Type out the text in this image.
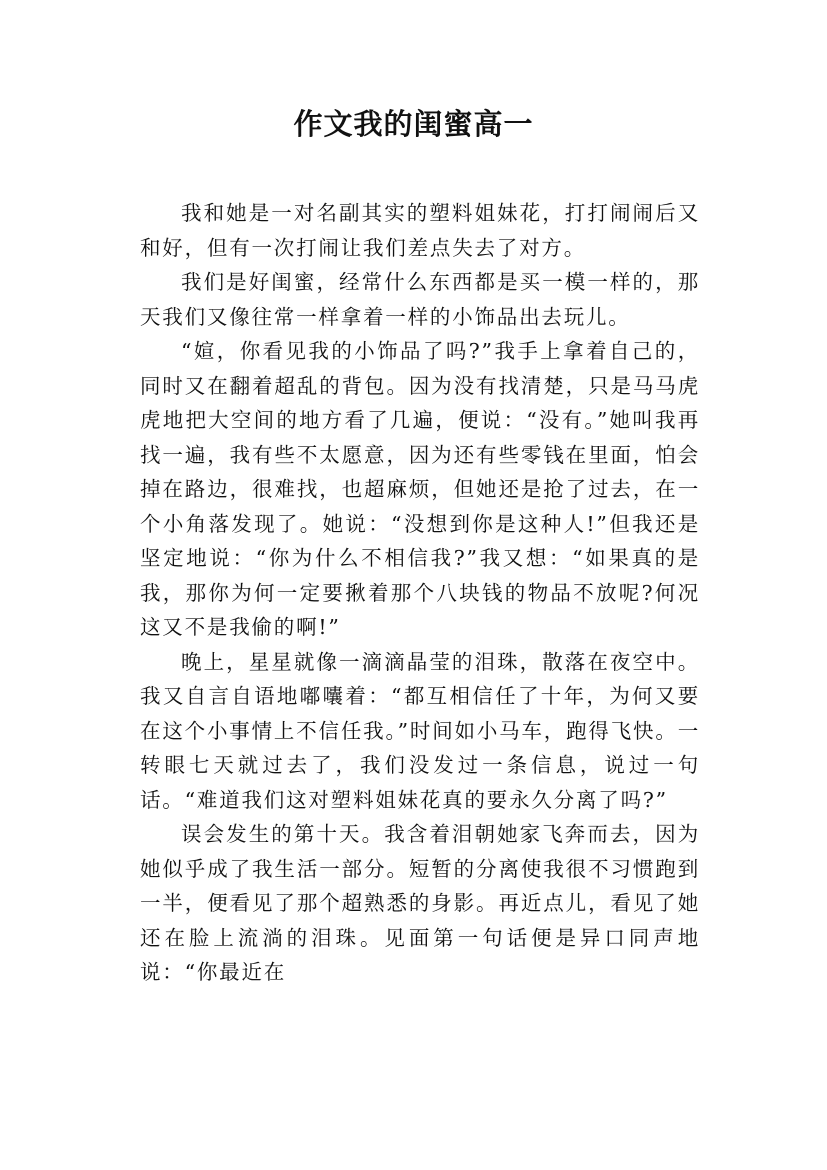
作文我的闺蜜高一

我和她是一对名副其实的塑料姐妹花，打打闹闹后又和好，但有一次打闹让我们差点失去了对方。

我们是好闺蜜，经常什么东西都是买一模一样的，那天我们又像往常一样拿着一样的小饰品出去玩儿。

“媗，你看见我的小饰品了吗?”我手上拿着自己的，同时又在翻着超乱的背包。因为没有找清楚，只是马马虎虎地把大空间的地方看了几遍，便说：“没有。”她叫我再找一遍，我有些不太愿意，因为还有些零钱在里面，怕会掉在路边，很难找，也超麻烦，但她还是抢了过去，在一个小角落发现了。她说：“没想到你是这种人!”但我还是坚定地说：“你为什么不相信我?”我又想：“如果真的是我，那你为何一定要揪着那个八块钱的物品不放呢?何况这又不是我偷的啊!”

晚上，星星就像一滴滴晶莹的泪珠，散落在夜空中。我又自言自语地嘟囔着：“都互相信任了十年，为何又要在这个小事情上不信任我。”时间如小马车，跑得飞快。一转眼七天就过去了，我们没发过一条信息，说过一句话。“难道我们这对塑料姐妹花真的要永久分离了吗?”

误会发生的第十天。我含着泪朝她家飞奔而去，因为她似乎成了我生活一部分。短暂的分离使我很不习惯跑到一半，便看见了那个超熟悉的身影。再近点儿，看见了她还在脸上流淌的泪珠。见面第一句话便是异口同声地说：“你最近在
